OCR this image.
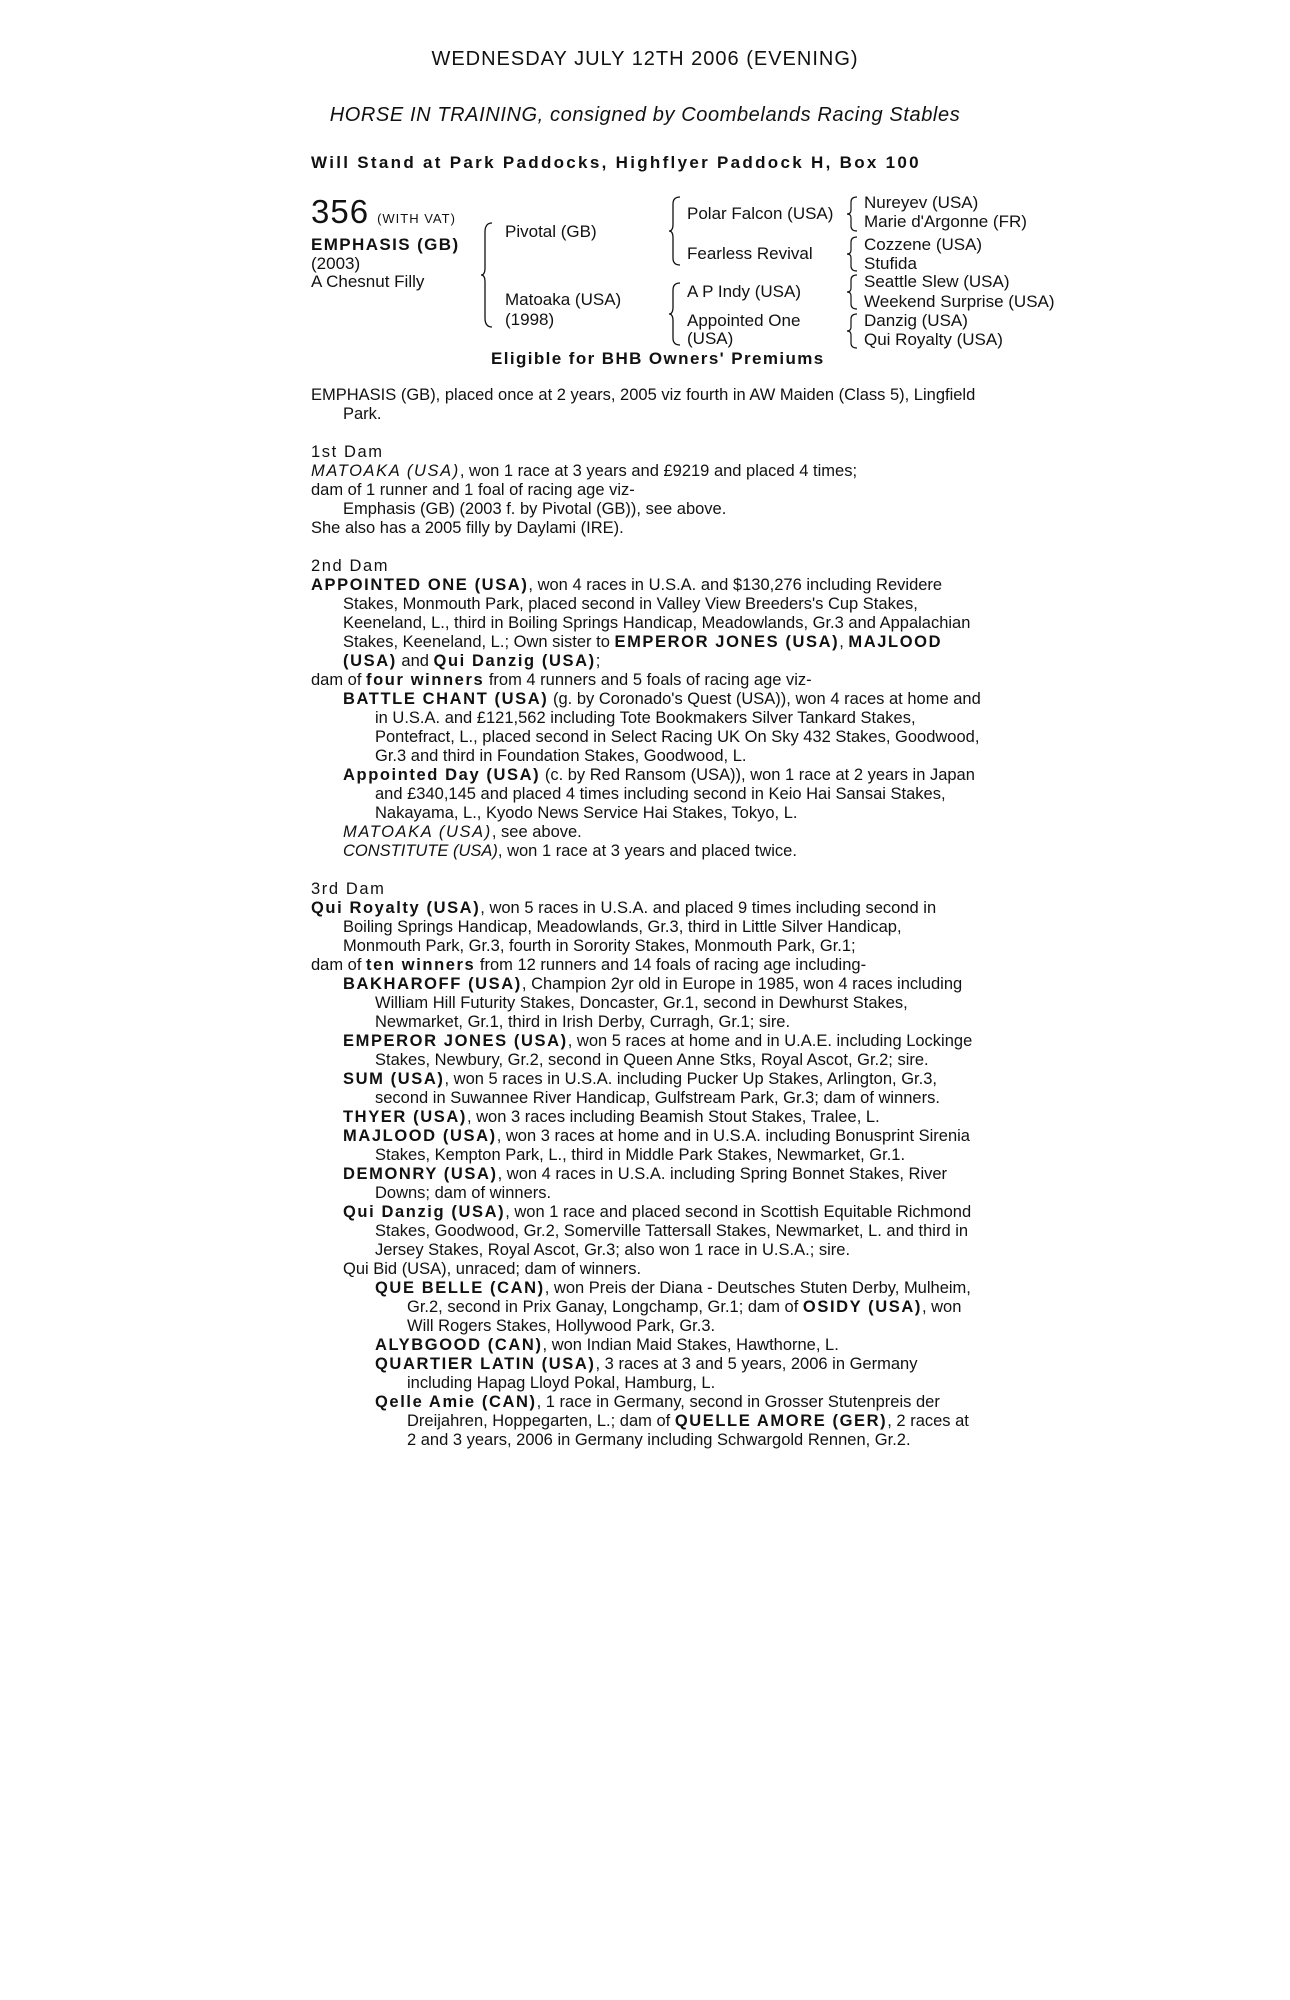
WEDNESDAY JULY 12TH 2006 (EVENING)
HORSE IN TRAINING, consigned by Coombelands Racing Stables
Will Stand at Park Paddocks, Highflyer Paddock H, Box 100
356 (WITH VAT)
EMPHASIS (GB)
(2003)
A Chesnut Filly
Pivotal (GB)
Matoaka (USA)
(1998)
Polar Falcon (USA)
Fearless Revival
A P Indy (USA)
Appointed One
(USA)
Nureyev (USA)
Marie d'Argonne (FR)
Cozzene (USA)
Stufida
Seattle Slew (USA)
Weekend Surprise (USA)
Danzig (USA)
Qui Royalty (USA)
Eligible for BHB Owners' Premiums

EMPHASIS (GB), placed once at 2 years, 2005 viz fourth in AW Maiden (Class 5), Lingfield Park.

1st Dam

MATOAKA (USA), won 1 race at 3 years and £9219 and placed 4 times;

dam of 1 runner and 1 foal of racing age viz-

Emphasis (GB) (2003 f. by Pivotal (GB)), see above.

She also has a 2005 filly by Daylami (IRE).

2nd Dam

APPOINTED ONE (USA), won 4 races in U.S.A. and $130,276 including Revidere Stakes, Monmouth Park, placed second in Valley View Breeders's Cup Stakes, Keeneland, L., third in Boiling Springs Handicap, Meadowlands, Gr.3 and Appalachian Stakes, Keeneland, L.; Own sister to EMPEROR JONES (USA), MAJLOOD (USA) and Qui Danzig (USA);

dam of four winners from 4 runners and 5 foals of racing age viz-

BATTLE CHANT (USA) (g. by Coronado's Quest (USA)), won 4 races at home and in U.S.A. and £121,562 including Tote Bookmakers Silver Tankard Stakes, Pontefract, L., placed second in Select Racing UK On Sky 432 Stakes, Goodwood, Gr.3 and third in Foundation Stakes, Goodwood, L.

Appointed Day (USA) (c. by Red Ransom (USA)), won 1 race at 2 years in Japan and £340,145 and placed 4 times including second in Keio Hai Sansai Stakes, Nakayama, L., Kyodo News Service Hai Stakes, Tokyo, L.

MATOAKA (USA), see above.

CONSTITUTE (USA), won 1 race at 3 years and placed twice.

3rd Dam

Qui Royalty (USA), won 5 races in U.S.A. and placed 9 times including second in Boiling Springs Handicap, Meadowlands, Gr.3, third in Little Silver Handicap, Monmouth Park, Gr.3, fourth in Sorority Stakes, Monmouth Park, Gr.1;

dam of ten winners from 12 runners and 14 foals of racing age including-

BAKHAROFF (USA), Champion 2yr old in Europe in 1985, won 4 races including William Hill Futurity Stakes, Doncaster, Gr.1, second in Dewhurst Stakes, Newmarket, Gr.1, third in Irish Derby, Curragh, Gr.1; sire.

EMPEROR JONES (USA), won 5 races at home and in U.A.E. including Lockinge Stakes, Newbury, Gr.2, second in Queen Anne Stks, Royal Ascot, Gr.2; sire.

SUM (USA), won 5 races in U.S.A. including Pucker Up Stakes, Arlington, Gr.3, second in Suwannee River Handicap, Gulfstream Park, Gr.3; dam of winners.

THYER (USA), won 3 races including Beamish Stout Stakes, Tralee, L.

MAJLOOD (USA), won 3 races at home and in U.S.A. including Bonusprint Sirenia Stakes, Kempton Park, L., third in Middle Park Stakes, Newmarket, Gr.1.

DEMONRY (USA), won 4 races in U.S.A. including Spring Bonnet Stakes, River Downs; dam of winners.

Qui Danzig (USA), won 1 race and placed second in Scottish Equitable Richmond Stakes, Goodwood, Gr.2, Somerville Tattersall Stakes, Newmarket, L. and third in Jersey Stakes, Royal Ascot, Gr.3; also won 1 race in U.S.A.; sire.

Qui Bid (USA), unraced; dam of winners.

QUE BELLE (CAN), won Preis der Diana - Deutsches Stuten Derby, Mulheim, Gr.2, second in Prix Ganay, Longchamp, Gr.1; dam of OSIDY (USA), won Will Rogers Stakes, Hollywood Park, Gr.3.

ALYBGOOD (CAN), won Indian Maid Stakes, Hawthorne, L.

QUARTIER LATIN (USA), 3 races at 3 and 5 years, 2006 in Germany including Hapag Lloyd Pokal, Hamburg, L.

Qelle Amie (CAN), 1 race in Germany, second in Grosser Stutenpreis der Dreijahren, Hoppegarten, L.; dam of QUELLE AMORE (GER), 2 races at 2 and 3 years, 2006 in Germany including Schwargold Rennen, Gr.2.
